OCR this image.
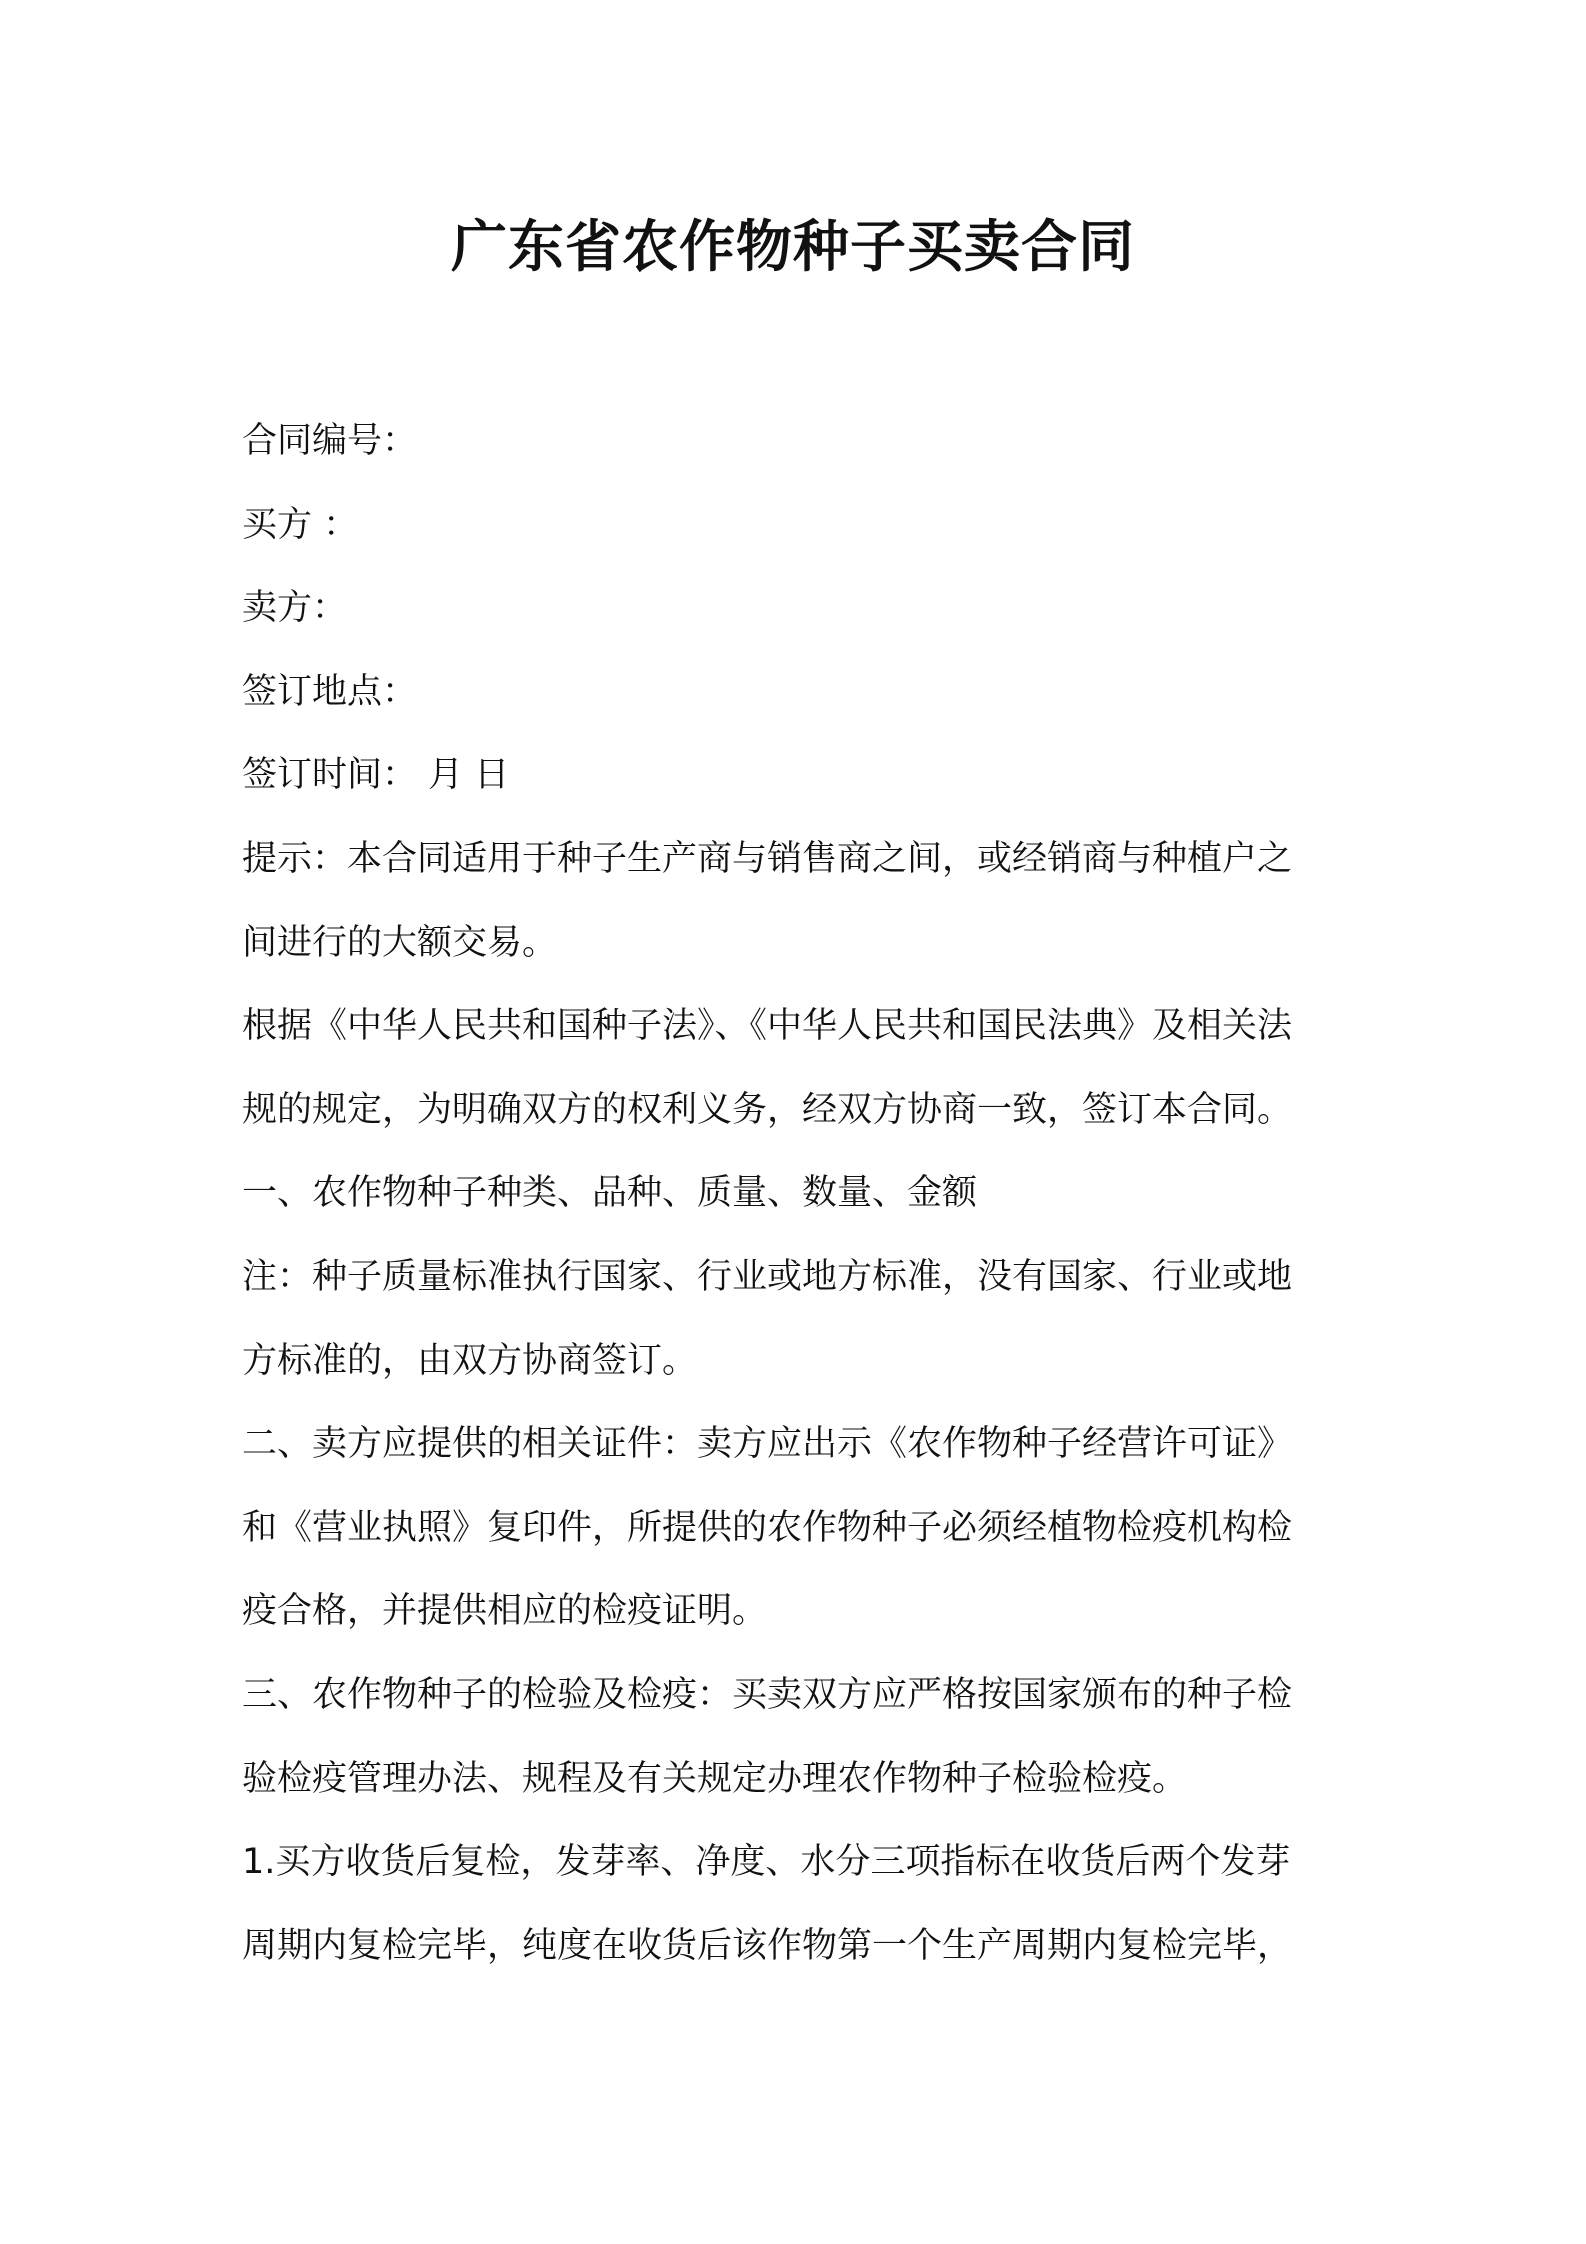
广东省农作物种子买卖合同
合同编号：
买方 ：
卖方：
签订地点：
签订时间： 月 日
提示：本合同适用于种子生产商与销售商之间，或经销商与种植户之
间进行的大额交易。
根据《中华人民共和国种子法》、《中华人民共和国民法典》及相关法
规的规定，为明确双方的权利义务，经双方协商一致，签订本合同。
一、农作物种子种类、品种、质量、数量、金额
注：种子质量标准执行国家、行业或地方标准，没有国家、行业或地
方标准的，由双方协商签订。
二、卖方应提供的相关证件：卖方应出示《农作物种子经营许可证》
和《营业执照》复印件，所提供的农作物种子必须经植物检疫机构检
疫合格，并提供相应的检疫证明。
三、农作物种子的检验及检疫：买卖双方应严格按国家颁布的种子检
验检疫管理办法、规程及有关规定办理农作物种子检验检疫。
1.买方收货后复检，发芽率、净度、水分三项指标在收货后两个发芽
周期内复检完毕，纯度在收货后该作物第一个生产周期内复检完毕，
